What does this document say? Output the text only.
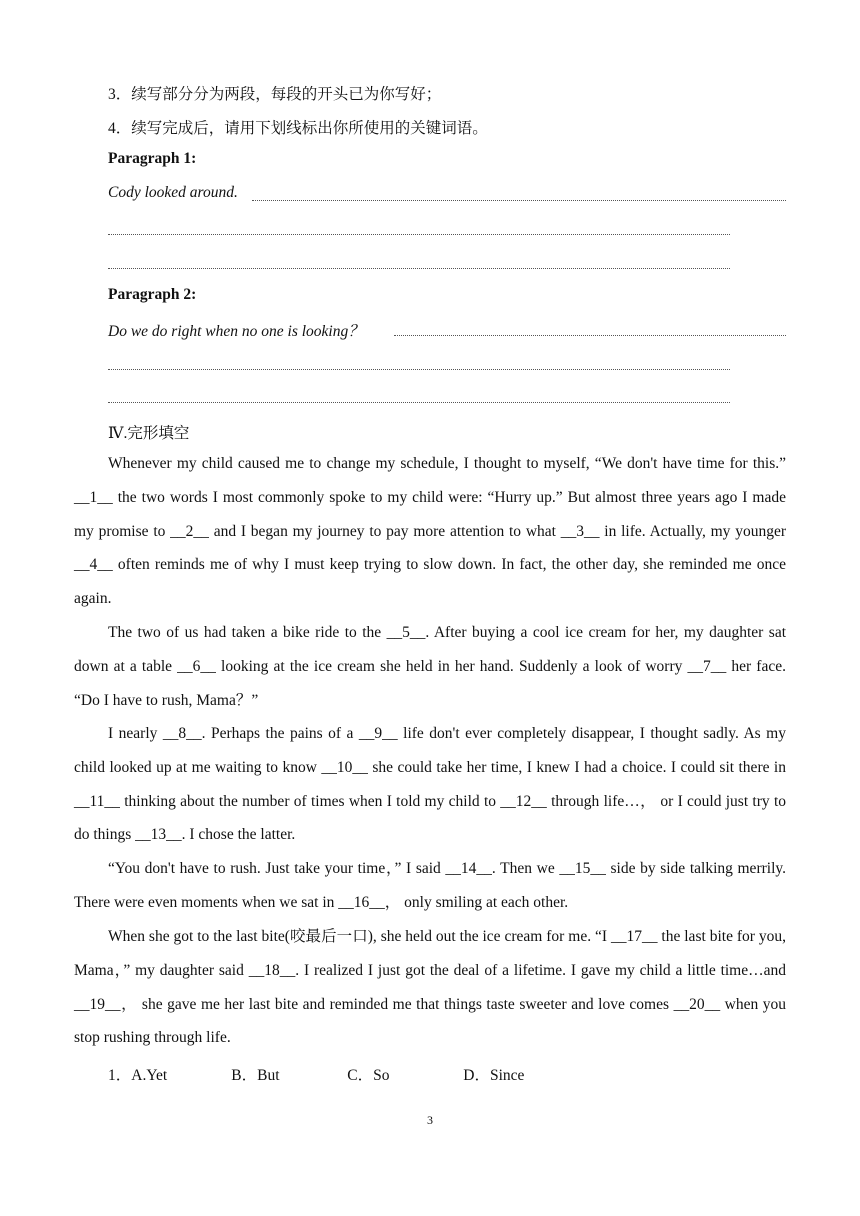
3．续写部分分为两段，每段的开头已为你写好；
4．续写完成后，请用下划线标出你所使用的关键词语。
Paragraph 1:
Cody looked around.
Paragraph 2:
Do we do right when no one is looking？
Ⅳ.完形填空
Whenever my child caused me to change my schedule, I thought to myself, “We don't have time for this.” __1__ the two words I most commonly spoke to my child were: “Hurry up.” But almost three years ago I made my promise to __2__ and I began my journey to pay more attention to what __3__ in life. Actually, my younger __4__ often reminds me of why I must keep trying to slow down. In fact, the other day, she reminded me once again.
The two of us had taken a bike ride to the __5__. After buying a cool ice cream for her, my daughter sat down at a table __6__ looking at the ice cream she held in her hand. Suddenly a look of worry __7__ her face. “Do I have to rush, Mama？”
I nearly __8__. Perhaps the pains of a __9__ life don't ever completely disappear, I thought sadly. As my child looked up at me waiting to know __10__ she could take her time, I knew I had a choice. I could sit there in __11__ thinking about the number of times when I told my child to __12__ through life…， or I could just try to do things __13__. I chose the latter.
“You don't have to rush. Just take your time，” I said __14__. Then we __15__ side by side talking merrily. There were even moments when we sat in __16__， only smiling at each other.
When she got to the last bite(咬最后一口), she held out the ice cream for me. “I __17__ the last bite for you, Mama，” my daughter said __18__. I realized I just got the deal of a lifetime. I gave my child a little time…and __19__， she gave me her last bite and reminded me that things taste sweeter and love comes __20__ when you stop rushing through life.
1．A.Yet	B．But	C．So	D．Since
3
